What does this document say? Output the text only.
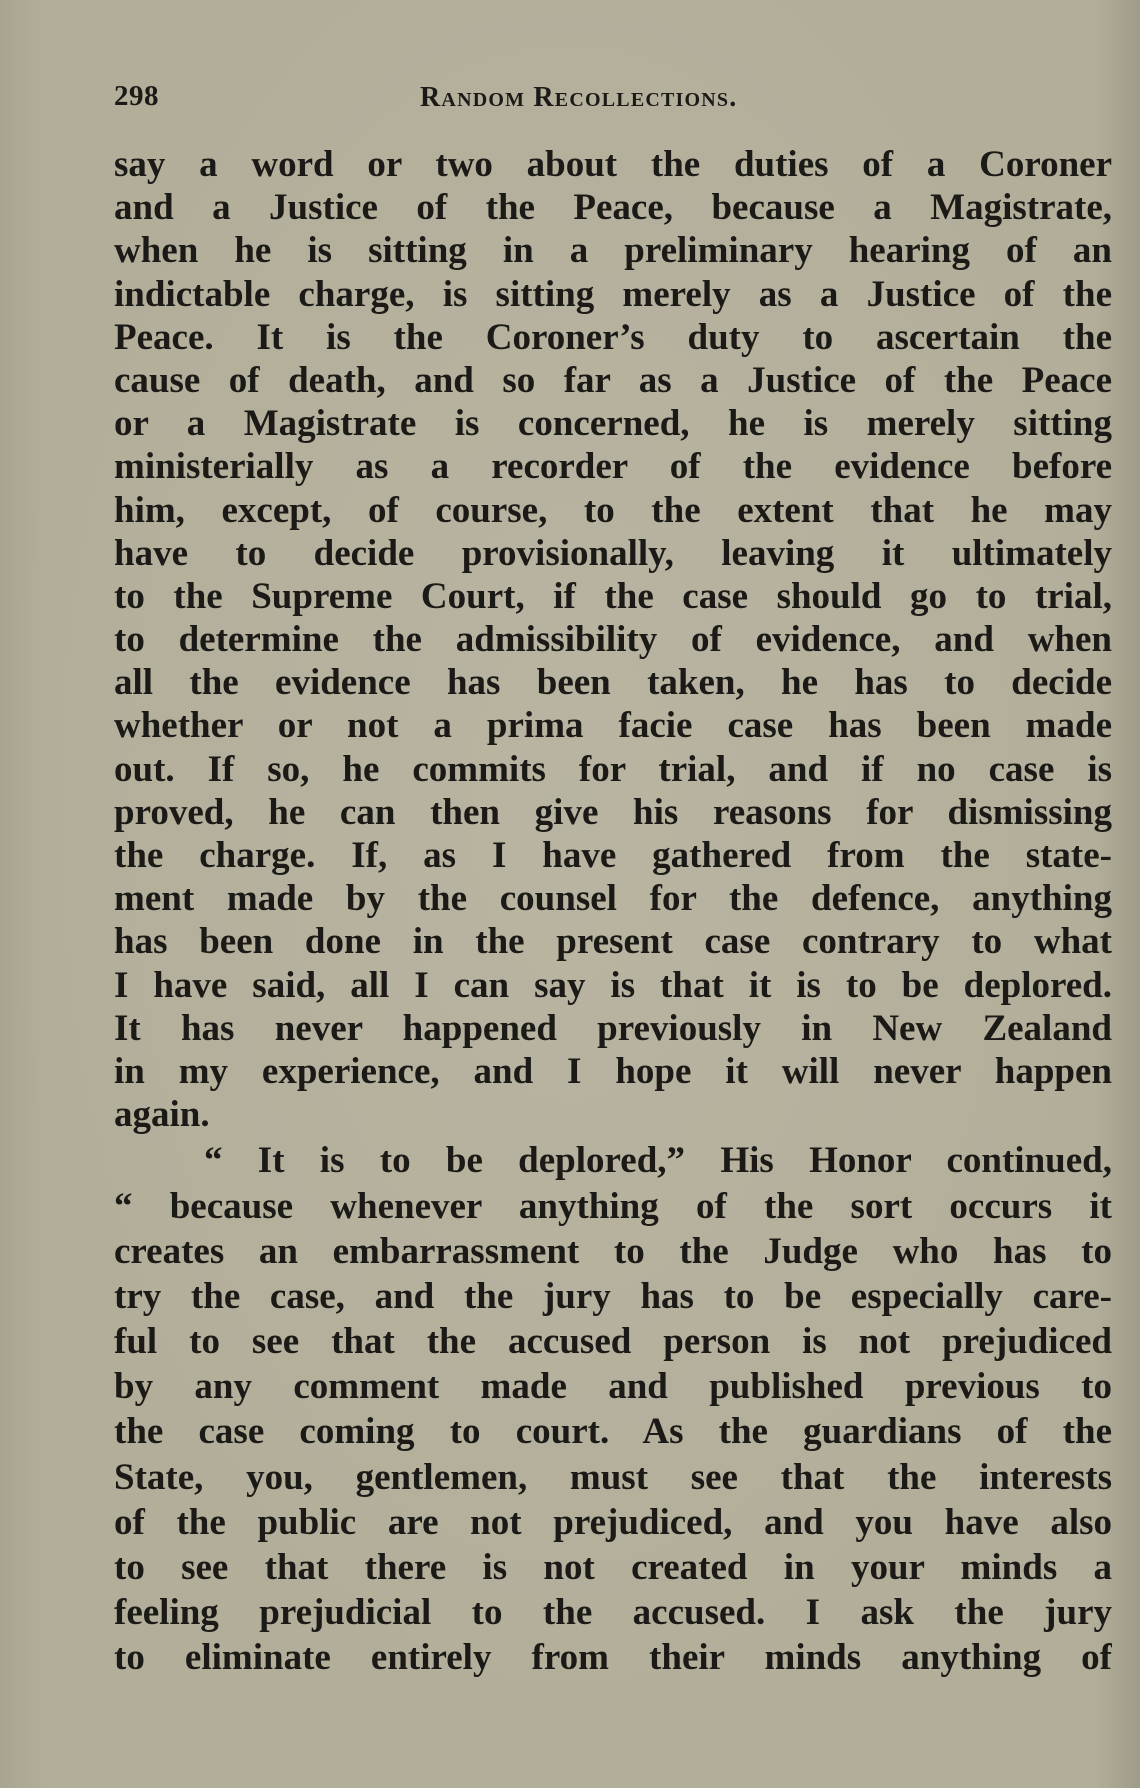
298	Random Recollections.
say a word or two about the duties of a Coroner
and a Justice of the Peace, because a Magistrate,
when he is sitting in a preliminary hearing of an
indictable charge, is sitting merely as a Justice of the
Peace. It is the Coroner’s duty to ascertain the
cause of death, and so far as a Justice of the Peace
or a Magistrate is concerned, he is merely sitting
ministerially as a recorder of the evidence before
him, except, of course, to the extent that he may
have to decide provisionally, leaving it ultimately
to the Supreme Court, if the case should go to trial,
to determine the admissibility of evidence, and when
all the evidence has been taken, he has to decide
whether or not a prima facie case has been made
out. If so, he commits for trial, and if no case is
proved, he can then give his reasons for dismissing
the charge. If, as I have gathered from the state-
ment made by the counsel for the defence, anything
has been done in the present case contrary to what
I have said, all I can say is that it is to be deplored.
It has never happened previously in New Zealand
in my experience, and I hope it will never happen
again.
“ It is to be deplored,” His Honor continued,
“ because whenever anything of the sort occurs it
creates an embarrassment to the Judge who has to
try the case, and the jury has to be especially care-
ful to see that the accused person is not prejudiced
by any comment made and published previous to
the case coming to court. As the guardians of the
State, you, gentlemen, must see that the interests
of the public are not prejudiced, and you have also
to see that there is not created in your minds a
feeling prejudicial to the accused. I ask the jury
to eliminate entirely from their minds anything of
